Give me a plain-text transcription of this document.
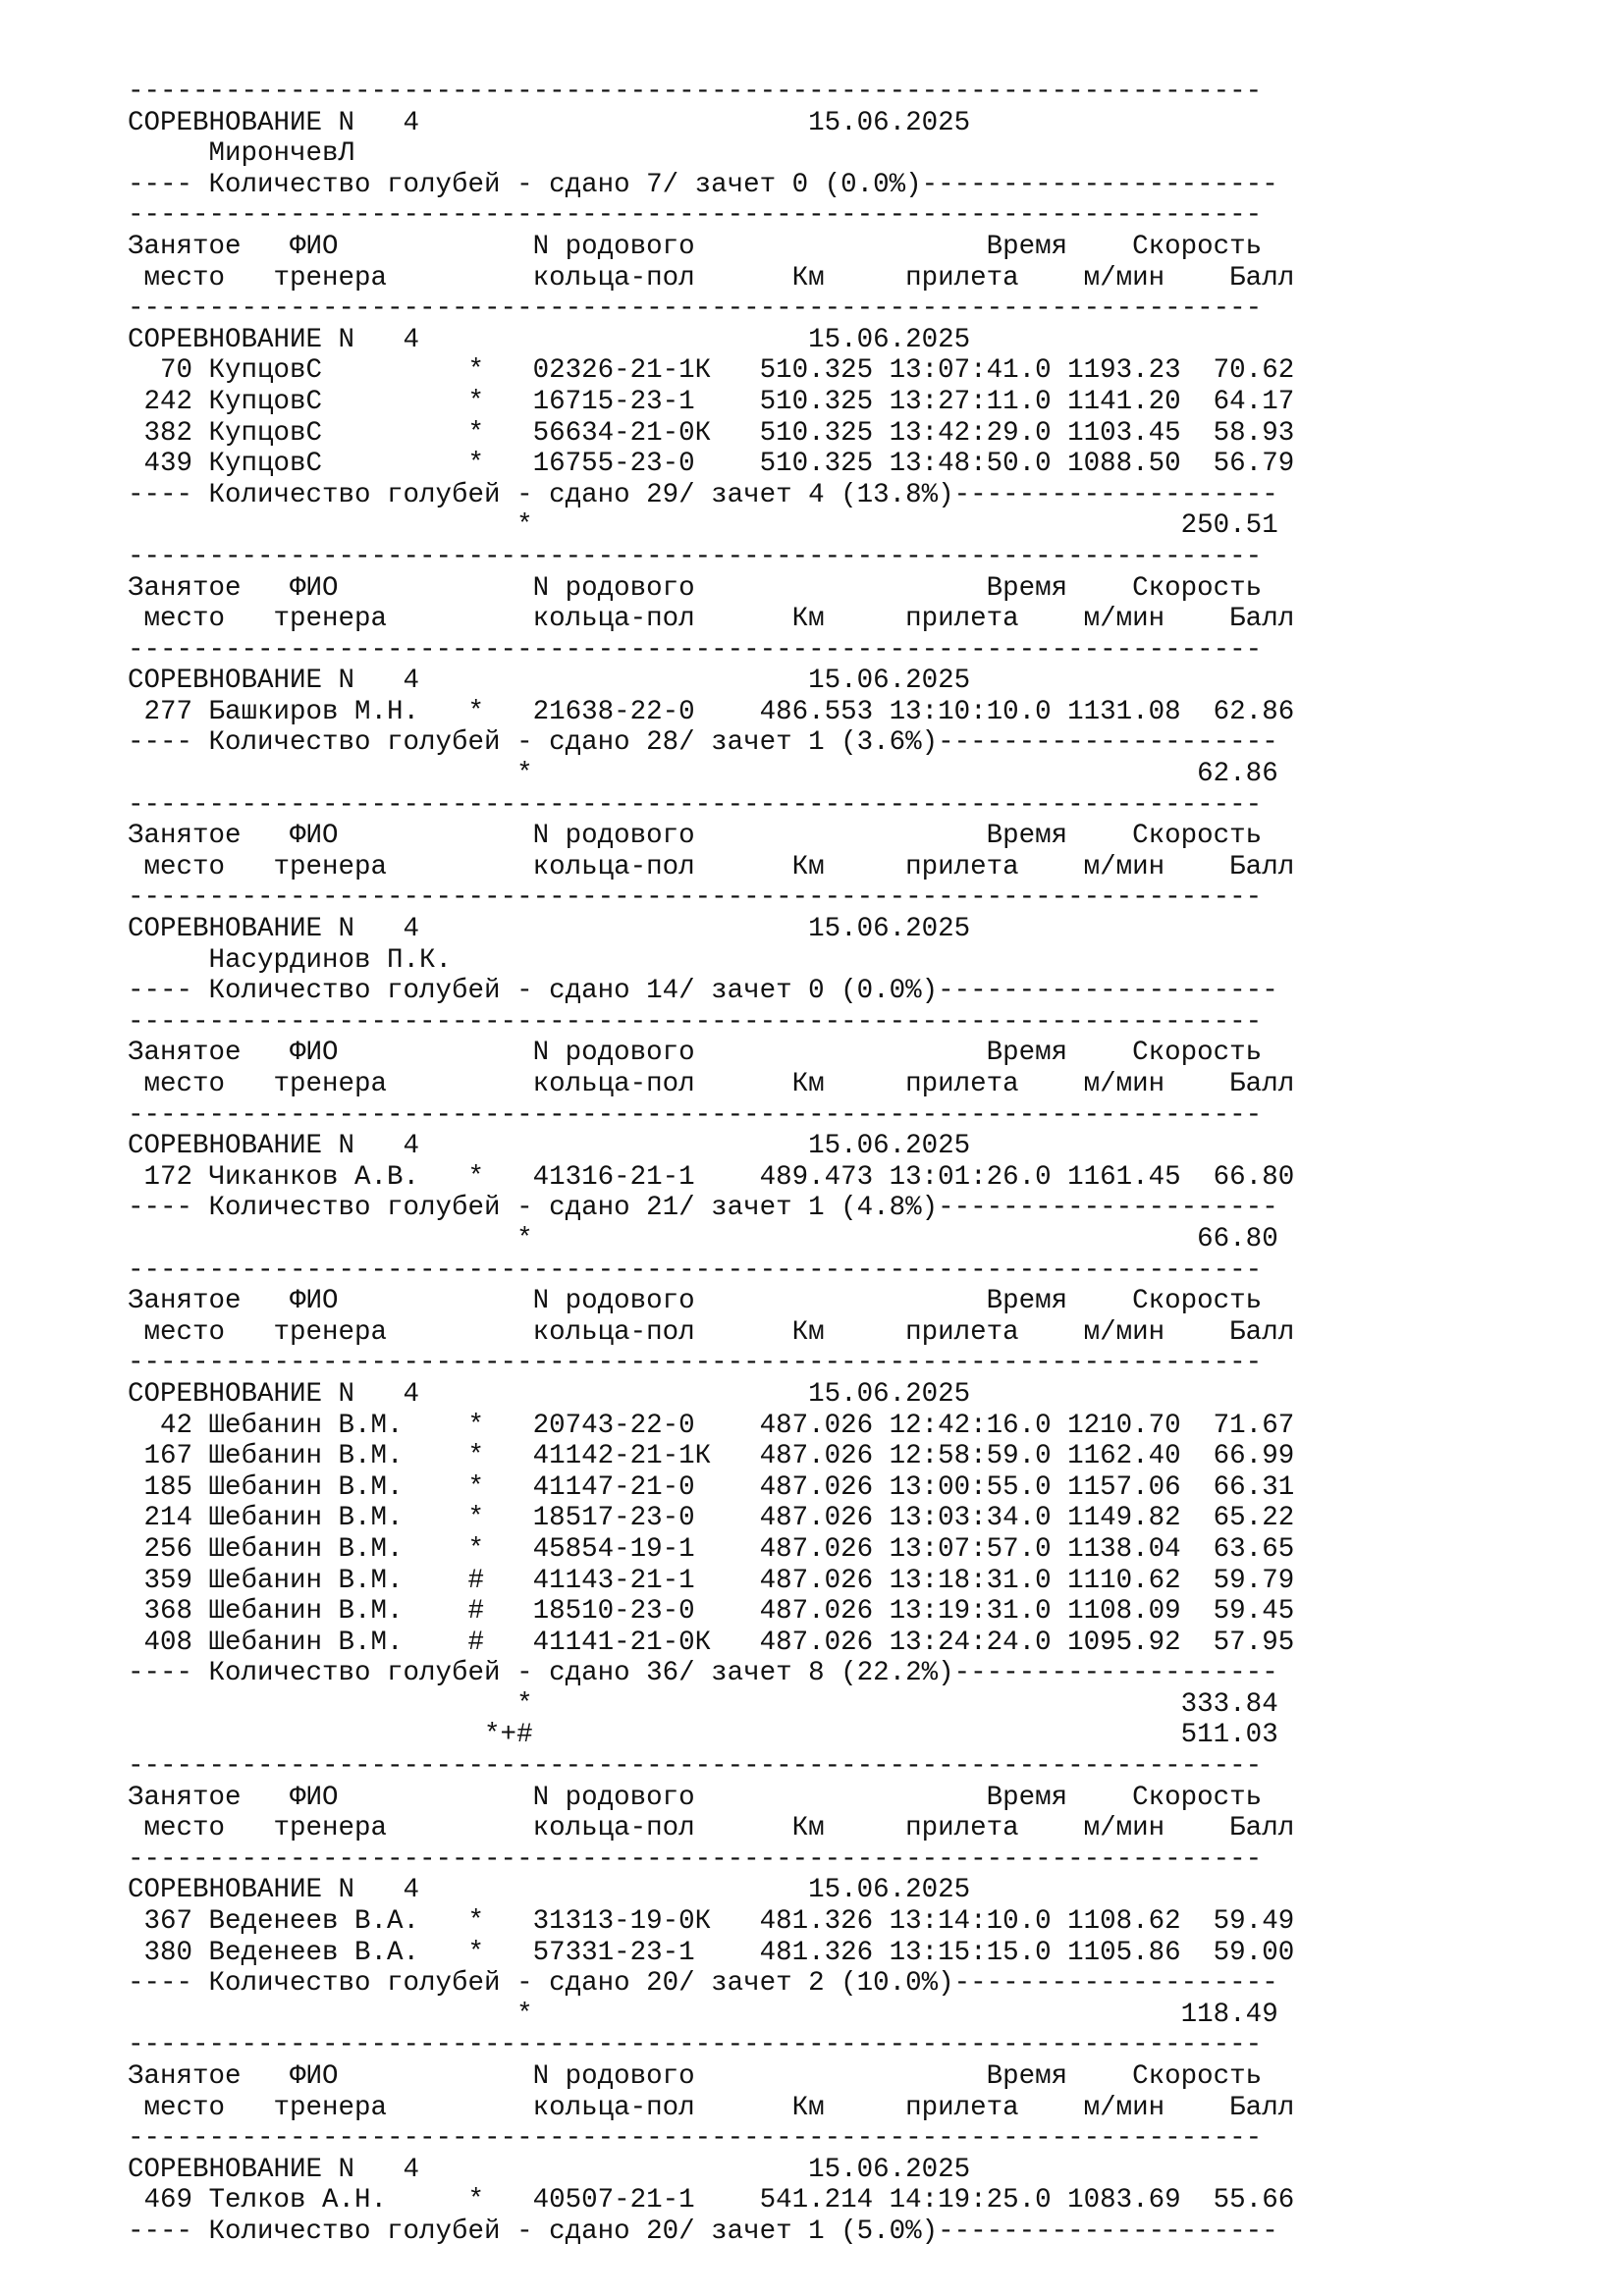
----------------------------------------------------------------------
СОРЕВНОВАНИЕ N   4                        15.06.2025
МирончевЛ
---- Количество голубей - сдано 7/ зачет 0 (0.0%)----------------------
----------------------------------------------------------------------
Занятое   ФИО            N родового                  Время    Скорость
место   тренера         кольца-пол      Км     прилета    м/мин    Балл
----------------------------------------------------------------------
СОРЕВНОВАНИЕ N   4                        15.06.2025
70 КупцовС         *   02326-21-1К   510.325 13:07:41.0 1193.23  70.62
242 КупцовС         *   16715-23-1    510.325 13:27:11.0 1141.20  64.17
382 КупцовС         *   56634-21-0К   510.325 13:42:29.0 1103.45  58.93
439 КупцовС         *   16755-23-0    510.325 13:48:50.0 1088.50  56.79
---- Количество голубей - сдано 29/ зачет 4 (13.8%)--------------------
*                                        250.51
----------------------------------------------------------------------
Занятое   ФИО            N родового                  Время    Скорость
место   тренера         кольца-пол      Км     прилета    м/мин    Балл
----------------------------------------------------------------------
СОРЕВНОВАНИЕ N   4                        15.06.2025
277 Башкиров М.Н.   *   21638-22-0    486.553 13:10:10.0 1131.08  62.86
---- Количество голубей - сдано 28/ зачет 1 (3.6%)---------------------
*                                         62.86
----------------------------------------------------------------------
Занятое   ФИО            N родового                  Время    Скорость
место   тренера         кольца-пол      Км     прилета    м/мин    Балл
----------------------------------------------------------------------
СОРЕВНОВАНИЕ N   4                        15.06.2025
Насурдинов П.К.
---- Количество голубей - сдано 14/ зачет 0 (0.0%)---------------------
----------------------------------------------------------------------
Занятое   ФИО            N родового                  Время    Скорость
место   тренера         кольца-пол      Км     прилета    м/мин    Балл
----------------------------------------------------------------------
СОРЕВНОВАНИЕ N   4                        15.06.2025
172 Чиканков А.В.   *   41316-21-1    489.473 13:01:26.0 1161.45  66.80
---- Количество голубей - сдано 21/ зачет 1 (4.8%)---------------------
*                                         66.80
----------------------------------------------------------------------
Занятое   ФИО            N родового                  Время    Скорость
место   тренера         кольца-пол      Км     прилета    м/мин    Балл
----------------------------------------------------------------------
СОРЕВНОВАНИЕ N   4                        15.06.2025
42 Шебанин В.М.    *   20743-22-0    487.026 12:42:16.0 1210.70  71.67
167 Шебанин В.М.    *   41142-21-1К   487.026 12:58:59.0 1162.40  66.99
185 Шебанин В.М.    *   41147-21-0    487.026 13:00:55.0 1157.06  66.31
214 Шебанин В.М.    *   18517-23-0    487.026 13:03:34.0 1149.82  65.22
256 Шебанин В.М.    *   45854-19-1    487.026 13:07:57.0 1138.04  63.65
359 Шебанин В.М.    #   41143-21-1    487.026 13:18:31.0 1110.62  59.79
368 Шебанин В.М.    #   18510-23-0    487.026 13:19:31.0 1108.09  59.45
408 Шебанин В.М.    #   41141-21-0К   487.026 13:24:24.0 1095.92  57.95
---- Количество голубей - сдано 36/ зачет 8 (22.2%)--------------------
*                                        333.84
*+#                                        511.03
----------------------------------------------------------------------
Занятое   ФИО            N родового                  Время    Скорость
место   тренера         кольца-пол      Км     прилета    м/мин    Балл
----------------------------------------------------------------------
СОРЕВНОВАНИЕ N   4                        15.06.2025
367 Веденеев В.А.   *   31313-19-0К   481.326 13:14:10.0 1108.62  59.49
380 Веденеев В.А.   *   57331-23-1    481.326 13:15:15.0 1105.86  59.00
---- Количество голубей - сдано 20/ зачет 2 (10.0%)--------------------
*                                        118.49
----------------------------------------------------------------------
Занятое   ФИО            N родового                  Время    Скорость
место   тренера         кольца-пол      Км     прилета    м/мин    Балл
----------------------------------------------------------------------
СОРЕВНОВАНИЕ N   4                        15.06.2025
469 Телков А.Н.     *   40507-21-1    541.214 14:19:25.0 1083.69  55.66
---- Количество голубей - сдано 20/ зачет 1 (5.0%)---------------------
